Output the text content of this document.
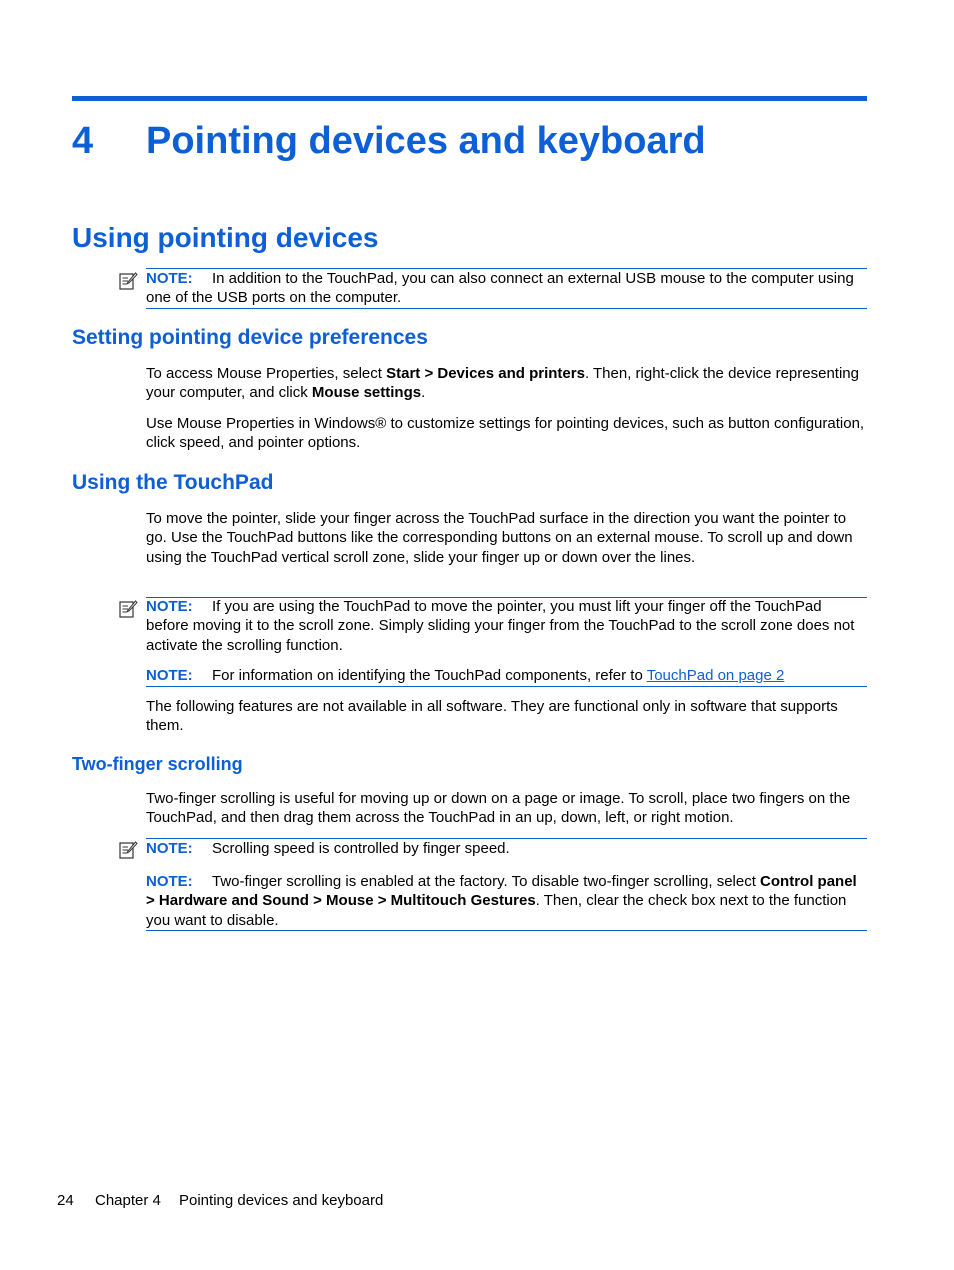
4 Pointing devices and keyboard
Using pointing devices
NOTE: In addition to the TouchPad, you can also connect an external USB mouse to the computer using one of the USB ports on the computer.
Setting pointing device preferences
To access Mouse Properties, select Start > Devices and printers. Then, right-click the device representing your computer, and click Mouse settings.
Use Mouse Properties in Windows® to customize settings for pointing devices, such as button configuration, click speed, and pointer options.
Using the TouchPad
To move the pointer, slide your finger across the TouchPad surface in the direction you want the pointer to go. Use the TouchPad buttons like the corresponding buttons on an external mouse. To scroll up and down using the TouchPad vertical scroll zone, slide your finger up or down over the lines.
NOTE: If you are using the TouchPad to move the pointer, you must lift your finger off the TouchPad before moving it to the scroll zone. Simply sliding your finger from the TouchPad to the scroll zone does not activate the scrolling function.
NOTE: For information on identifying the TouchPad components, refer to TouchPad on page 2
The following features are not available in all software. They are functional only in software that supports them.
Two-finger scrolling
Two-finger scrolling is useful for moving up or down on a page or image. To scroll, place two fingers on the TouchPad, and then drag them across the TouchPad in an up, down, left, or right motion.
NOTE: Scrolling speed is controlled by finger speed.
NOTE: Two-finger scrolling is enabled at the factory. To disable two-finger scrolling, select Control panel > Hardware and Sound > Mouse > Multitouch Gestures. Then, clear the check box next to the function you want to disable.
24 Chapter 4 Pointing devices and keyboard
